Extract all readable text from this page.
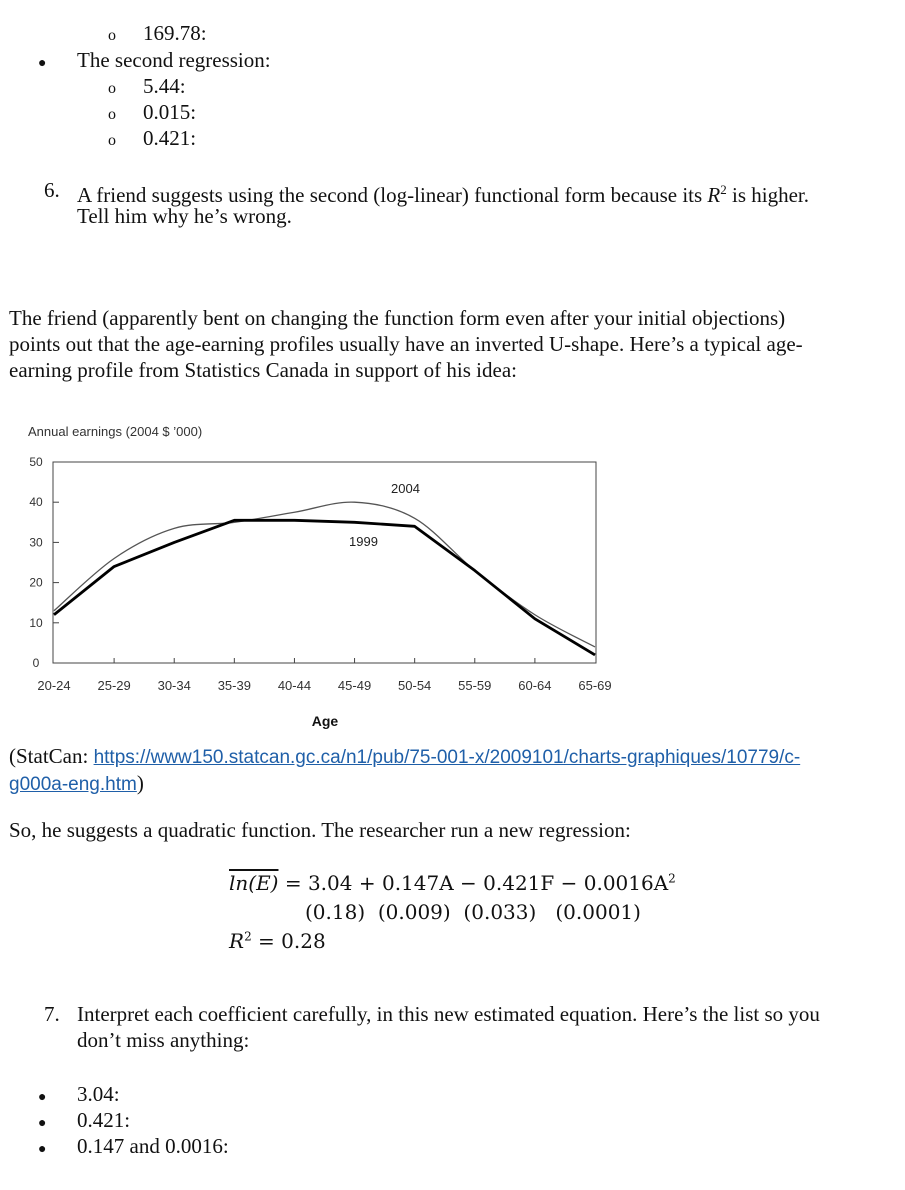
o 169.78:
● The second regression:
o 5.44:
o 0.015:
o 0.421:
6. A friend suggests using the second (log-linear) functional form because its $R^2$ is higher.
Tell him why he’s wrong.
The friend (apparently bent on changing the function form even after your initial objections)
points out that the age-earning profiles usually have an inverted U-shape. Here’s a typical age-
earning profile from Statistics Canada in support of his idea:
Annual earnings (2004 $ ’000)
0
10
20
30
40
50
20-24 25-29 30-34 35-39 40-44 45-49 50-54 55-59 60-64 65-69
2004
1999
Age
(StatCan: https://www150.statcan.gc.ca/n1/pub/75-001-x/2009101/charts-graphiques/10779/c-
g000a-eng.htm)
So, he suggests a quadratic function. The researcher run a new regression:
$\ln(E) = 3.04 + 0.147A - 0.421F - 0.0016A^2$
(0.18)  (0.009)  (0.033)   (0.0001)
$R^2 = 0.28$
7. Interpret each coefficient carefully, in this new estimated equation. Here’s the list so you
don’t miss anything:
● 3.04:
● 0.421:
● 0.147 and 0.0016:
